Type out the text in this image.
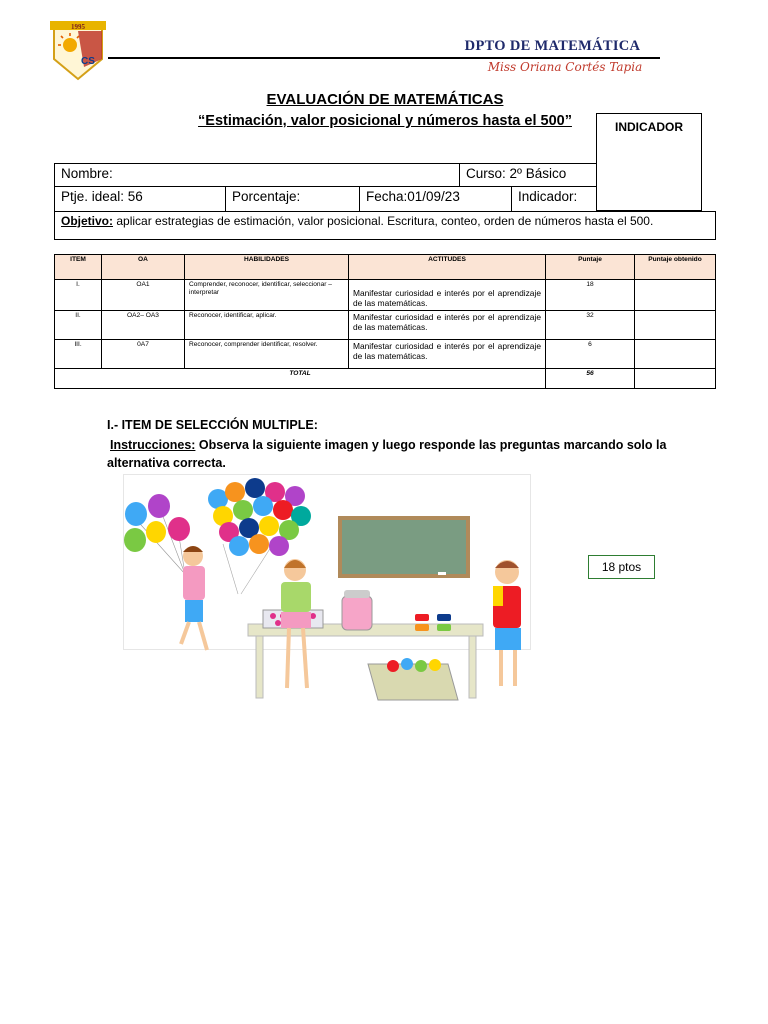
1995
CS
DPTO DE MATEMÁTICA
Miss Oriana Cortés Tapia
EVALUACIÓN DE MATEMÁTICAS
“Estimación, valor posicional y números hasta el 500”	INDICADOR
Nombre:	Curso: 2º Básico
Ptje. ideal: 56	Porcentaje:	Fecha:01/09/23	Indicador:
Objetivo: aplicar estrategias de estimación, valor posicional. Escritura, conteo, orden de números hasta el 500.
ITEM	OA	HABILIDADES	ACTITUDES	Puntaje	Puntaje obtenido
I.	OA1	Comprender, reconocer, identificar, seleccionar – interpretar	Manifestar curiosidad e interés por el aprendizaje de las matemáticas.	18	
II.	OA2– OA3	Reconocer, identificar, aplicar.	Manifestar curiosidad e interés por el aprendizaje de las matemáticas.	32	
III.	0A7	Reconocer, comprender identificar, resolver.	Manifestar curiosidad e interés por el aprendizaje de las matemáticas.	6	
TOTAL				56	
I.- ITEM DE SELECCIÓN MULTIPLE:
Instrucciones: Observa la siguiente imagen y luego responde las preguntas marcando solo la alternativa correcta.
18 ptos
